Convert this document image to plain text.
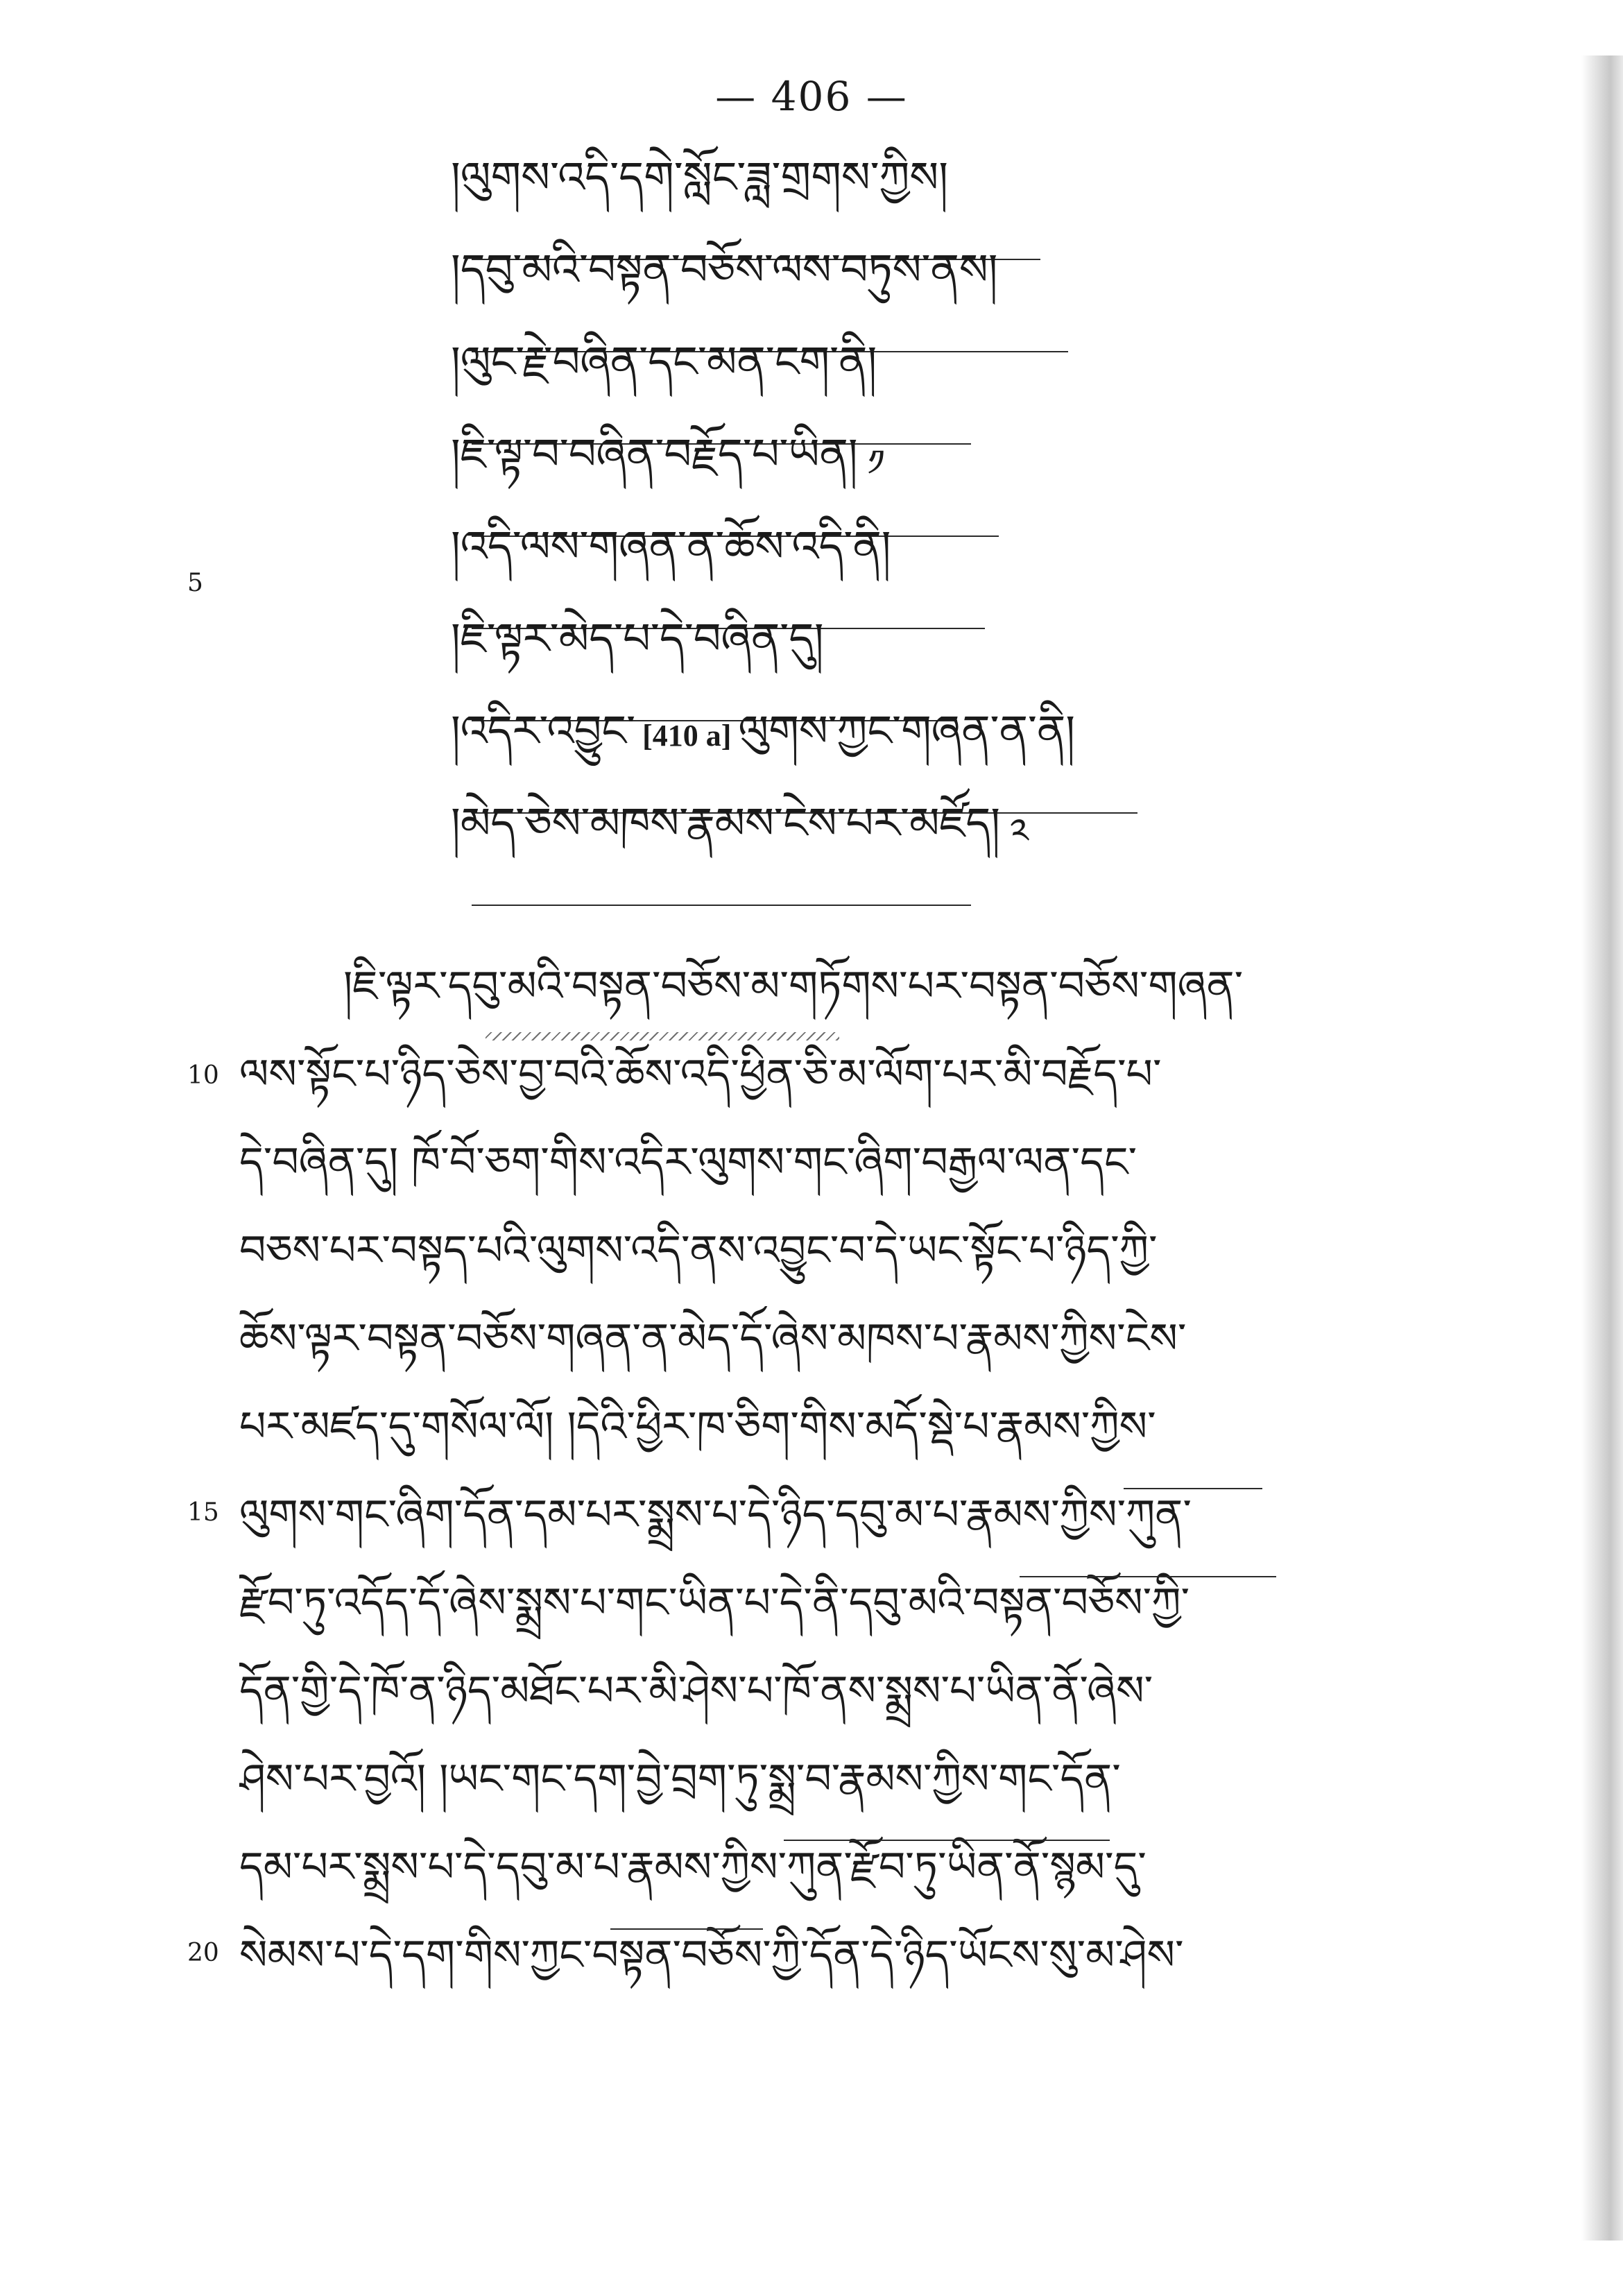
— 406 —
།ལུགས་འདི་དགེ་སློང་ཟླ་གྲགས་ཀྱིས།
།དབུ་མའི་བསྟན་བཅོས་ལས་བཏུས་ནས།
།ལུང་རྗེ་བཞིན་དང་མན་ངག་ནི།
།ཇི་ལྟ་བ་བཞིན་བརྗོད་པ་ཡིན། ༡
།འདི་ལས་གཞན་ན་ཆོས་འདི་ནི།
།ཇི་ལྟར་མེད་པ་དེ་བཞིན་དུ།
།འདིར་འབྱུང་ [410 a] ལུགས་ཀྱང་གཞན་ན་ནི།
།མེད་ཅེས་མཁས་རྣམས་ངེས་པར་མཛོད། ༢
5
10
15
20
།ཇི་ལྟར་དབུ་མའི་བསྟན་བཅོས་མ་གཏོགས་པར་བསྟན་བཅོས་གཞན་
ལས་སྟོང་པ་ཉིད་ཅེས་བྱ་བའི་ཆོས་འདི་ཕྱིན་ཅི་མ་ལོག་པར་མི་བརྗོད་པ་
དེ་བཞིན་དུ། ཁོ་བོ་ཅག་གིས་འདིར་ལུགས་གང་ཞིག་བརྒྱལ་ལན་དང་
བཅས་པར་བསྟད་པའི་ལུགས་འདི་ནས་འབྱུང་བ་དེ་ཡང་སྟོང་པ་ཉིད་ཀྱི་
ཆོས་ལྟར་བསྟན་བཅོས་གཞན་ན་མེད་དོ་ཞེས་མཁས་པ་རྣམས་ཀྱིས་ངེས་
པར་མཛད་དུ་གསོལ་ལོ། །དེའི་ཕྱིར་ཁ་ཅིག་གིས་མདོ་སྡེ་པ་རྣམས་ཀྱིས་
ལུགས་གང་ཞིག་དོན་དམ་པར་སྨྲས་པ་དེ་ཉིད་དབུ་མ་པ་རྣམས་ཀྱིས་ཀུན་
རྫོབ་ཏུ་འདོད་དོ་ཞེས་སྨྲས་པ་གང་ཡིན་པ་དེ་ནི་དབུ་མའི་བསྟན་བཅོས་ཀྱི་
དོན་གྱི་དེ་ཁོ་ན་ཉིད་མཐོང་པར་མི་ཤེས་པ་ཁོ་ནས་སྨྲས་པ་ཡིན་ནོ་ཞེས་
ཤེས་པར་བྱའོ། །ཡང་གང་དག་བྱེ་བྲག་ཏུ་སྨྲ་བ་རྣམས་ཀྱིས་གང་དོན་
དམ་པར་སྨྲས་པ་དེ་དབུ་མ་པ་རྣམས་ཀྱིས་ཀུན་རྫོབ་ཏུ་ཡིན་ནོ་སྙམ་དུ་
སེམས་པ་དེ་དག་གིས་ཀྱང་བསྟན་བཅོས་ཀྱི་དོན་དེ་ཉིད་ཡོངས་སུ་མ་ཤེས་
